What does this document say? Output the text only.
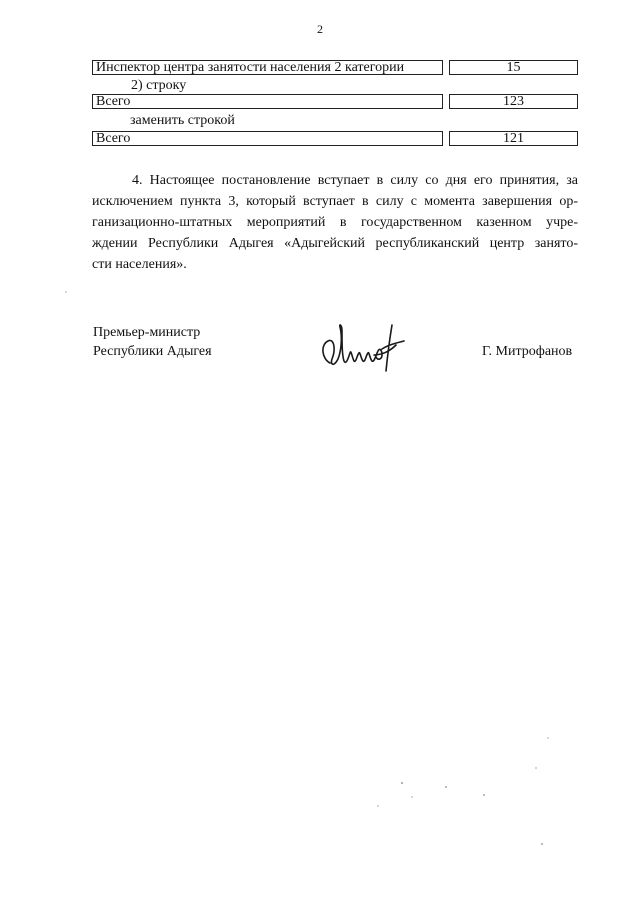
2
Инспектор центра занятости населения 2 категории	15
2) строку
Всего	123
заменить строкой
Всего	121
4. Настоящее постановление вступает в силу со дня его принятия, за
исключением пункта 3, который вступает в силу с момента завершения ор-
ганизационно-штатных мероприятий в государственном казенном учре-
ждении Республики Адыгея «Адыгейский республиканский центр занято-
сти населения».
Премьер-министр
Республики Адыгея	Г. Митрофанов
